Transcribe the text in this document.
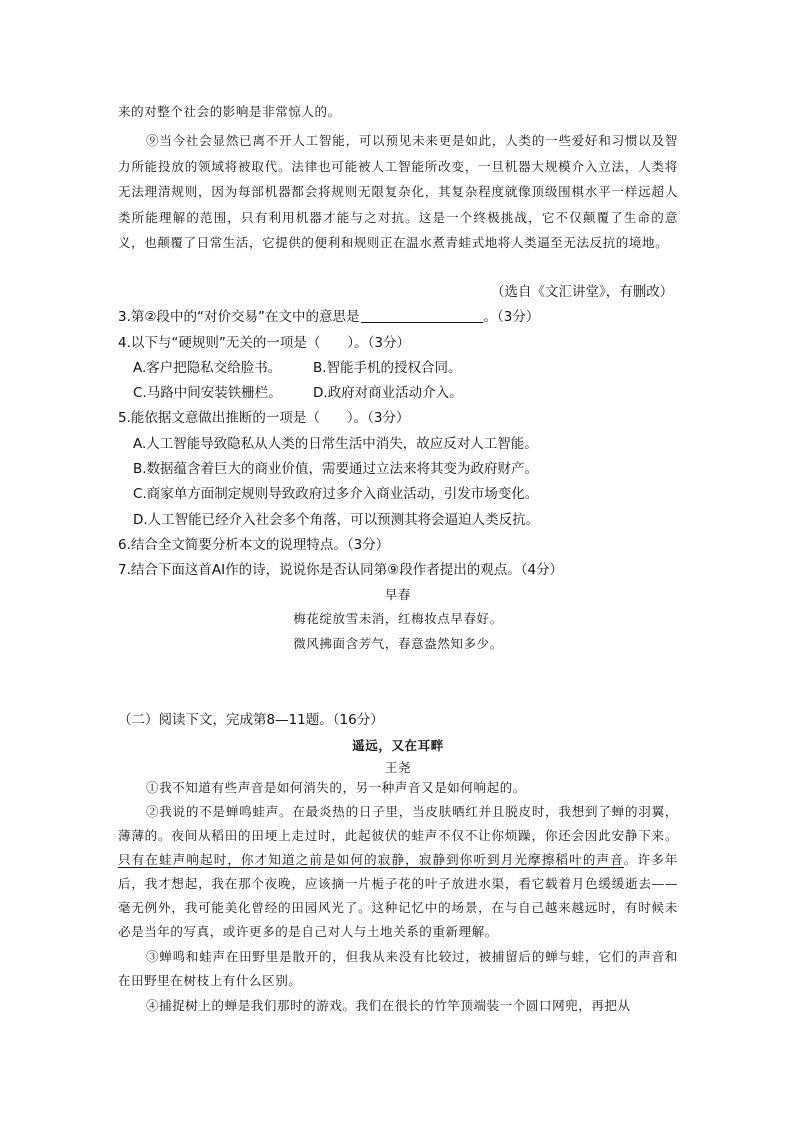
来的对整个社会的影响是非常惊人的。
⑨当今社会显然已离不开人工智能，可以预见未来更是如此，人类的一些爱好和习惯以及智力所能投放的领域将被取代。法律也可能被人工智能所改变，一旦机器大规模介入立法，人类将无法理清规则，因为每部机器都会将规则无限复杂化，其复杂程度就像顶级围棋水平一样远超人类所能理解的范围，只有利用机器才能与之对抗。这是一个终极挑战，它不仅颠覆了生命的意义，也颠覆了日常生活，它提供的便利和规则正在温水煮青蛙式地将人类逼至无法反抗的境地。
（选自《文汇讲堂》，有删改）
3.第②段中的“对价交易”在文中的意思是	。（3分）
4.以下与“硬规则”无关的一项是（　　）。（3分）
A.客户把隐私交给脸书。 B.智能手机的授权合同。
C.马路中间安装铁栅栏。 D.政府对商业活动介入。
5.能依据文意做出推断的一项是（　　）。（3分）
A.人工智能导致隐私从人类的日常生活中消失，故应反对人工智能。
B.数据蕴含着巨大的商业价值，需要通过立法来将其变为政府财产。
C.商家单方面制定规则导致政府过多介入商业活动，引发市场变化。
D.人工智能已经介入社会多个角落，可以预测其将会逼迫人类反抗。
6.结合全文简要分析本文的说理特点。（3分）
7.结合下面这首AI作的诗，说说你是否认同第⑨段作者提出的观点。（4分）
早春
梅花绽放雪未消，红梅妆点早春好。
微风拂面含芳气，春意盎然知多少。
（二）阅读下文，完成第8—11题。（16分）
遥远，又在耳畔
王尧
①我不知道有些声音是如何消失的，另一种声音又是如何响起的。
②我说的不是蝉鸣蛙声。在最炎热的日子里，当皮肤晒红并且脱皮时，我想到了蝉的羽翼，薄薄的。夜间从稻田的田埂上走过时，此起彼伏的蛙声不仅不让你烦躁，你还会因此安静下来。只有在蛙声响起时，你才知道之前是如何的寂静，寂静到你听到月光摩擦稻叶的声音。许多年后，我才想起，我在那个夜晚，应该摘一片栀子花的叶子放进水渠，看它载着月色缓缓逝去——毫无例外，我可能美化曾经的田园风光了。这种记忆中的场景，在与自己越来越远时，有时候未必是当年的写真，或许更多的是自己对人与土地关系的重新理解。
③蝉鸣和蛙声在田野里是散开的，但我从来没有比较过，被捕留后的蝉与蛙，它们的声音和在田野里在树枝上有什么区别。
④捕捉树上的蝉是我们那时的游戏。我们在很长的竹竿顶端装一个圆口网兜，再把从
